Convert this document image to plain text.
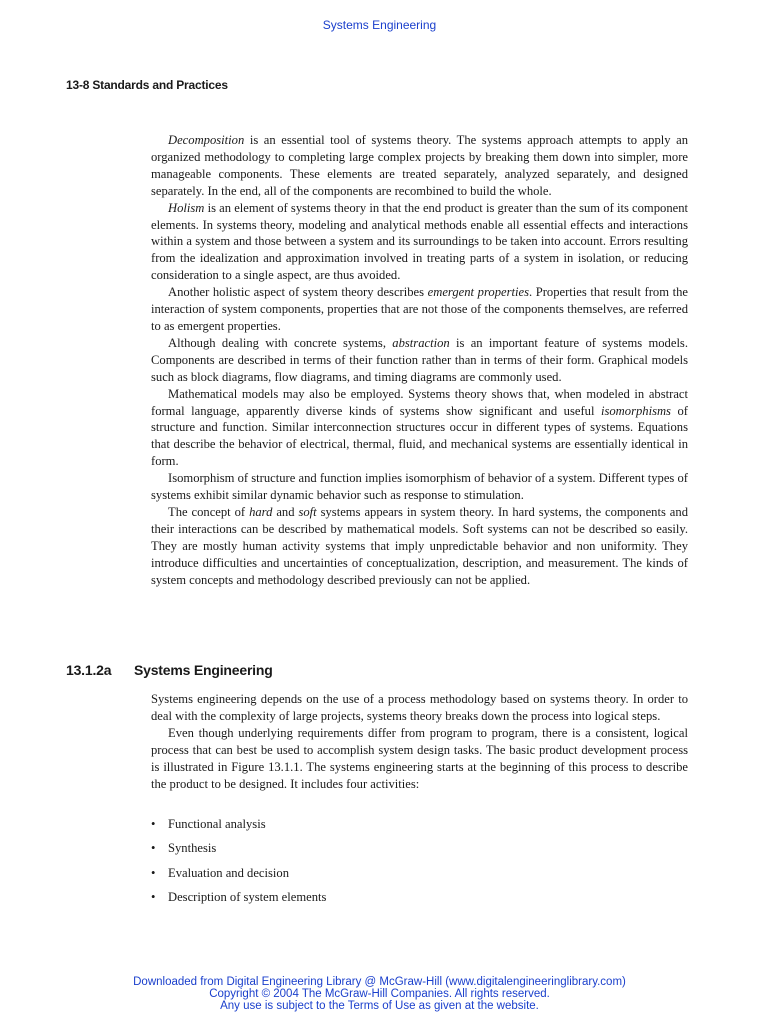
Systems Engineering
13-8 Standards and Practices

Decomposition is an essential tool of systems theory. The systems approach attempts to apply an organized methodology to completing large complex projects by breaking them down into simpler, more manageable components. These elements are treated separately, analyzed separately, and designed separately. In the end, all of the components are recombined to build the whole.

Holism is an element of systems theory in that the end product is greater than the sum of its component elements. In systems theory, modeling and analytical methods enable all essential effects and interactions within a system and those between a system and its surroundings to be taken into account. Errors resulting from the idealization and approximation involved in treating parts of a system in isolation, or reducing consideration to a single aspect, are thus avoided.

Another holistic aspect of system theory describes emergent properties. Properties that result from the interaction of system components, properties that are not those of the components themselves, are referred to as emergent properties.

Although dealing with concrete systems, abstraction is an important feature of systems models. Components are described in terms of their function rather than in terms of their form. Graphical models such as block diagrams, flow diagrams, and timing diagrams are commonly used.

Mathematical models may also be employed. Systems theory shows that, when modeled in abstract formal language, apparently diverse kinds of systems show significant and useful isomorphisms of structure and function. Similar interconnection structures occur in different types of systems. Equations that describe the behavior of electrical, thermal, fluid, and mechanical systems are essentially identical in form.

Isomorphism of structure and function implies isomorphism of behavior of a system. Different types of systems exhibit similar dynamic behavior such as response to stimulation.

The concept of hard and soft systems appears in system theory. In hard systems, the components and their interactions can be described by mathematical models. Soft systems can not be described so easily. They are mostly human activity systems that imply unpredictable behavior and non uniformity. They introduce difficulties and uncertainties of conceptualization, description, and measurement. The kinds of system concepts and methodology described previously can not be applied.

13.1.2a Systems Engineering

Systems engineering depends on the use of a process methodology based on systems theory. In order to deal with the complexity of large projects, systems theory breaks down the process into logical steps.

Even though underlying requirements differ from program to program, there is a consistent, logical process that can best be used to accomplish system design tasks. The basic product development process is illustrated in Figure 13.1.1. The systems engineering starts at the beginning of this process to describe the product to be designed. It includes four activities:

• Functional analysis
• Synthesis
• Evaluation and decision
• Description of system elements
Downloaded from Digital Engineering Library @ McGraw-Hill (www.digitalengineeringlibrary.com)
Copyright © 2004 The McGraw-Hill Companies. All rights reserved.
Any use is subject to the Terms of Use as given at the website.
